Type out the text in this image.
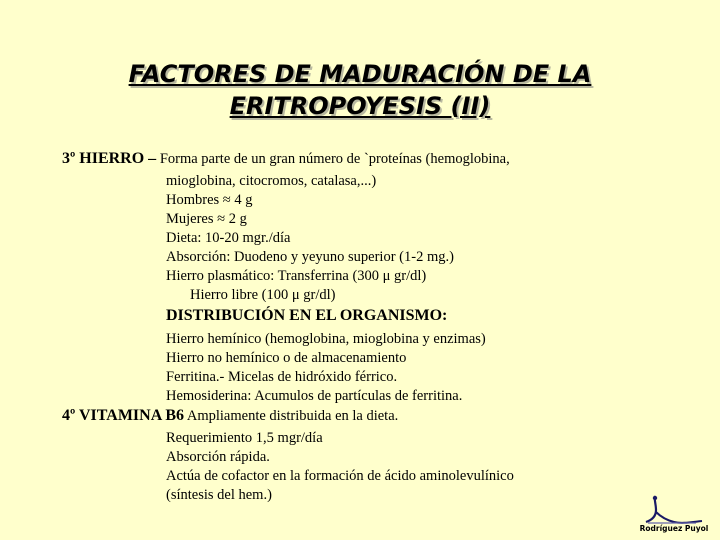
FACTORES DE MADURACIÓN DE LA
ERITROPOYESIS (II)
3º HIERRO – Forma parte de un gran número de `proteínas (hemoglobina,
mioglobina, citocromos, catalasa,...)
Hombres ≈ 4 g
Mujeres ≈ 2 g
Dieta: 10-20 mgr./día
Absorción: Duodeno y yeyuno superior (1-2 mg.)
Hierro plasmático: Transferrina (300 μ gr/dl)
Hierro libre (100 μ gr/dl)
DISTRIBUCIÓN EN EL ORGANISMO:
Hierro hemínico (hemoglobina, mioglobina y enzimas)
Hierro no hemínico o de almacenamiento
Ferritina.- Micelas de hidróxido férrico.
Hemosiderina: Acumulos de partículas de ferritina.
4º VITAMINA B6 Ampliamente distribuida en la dieta.
Requerimiento 1,5 mgr/día
Absorción rápida.
Actúa de cofactor en la formación de ácido aminolevulínico
(síntesis del hem.)
Rodríguez Puyol
